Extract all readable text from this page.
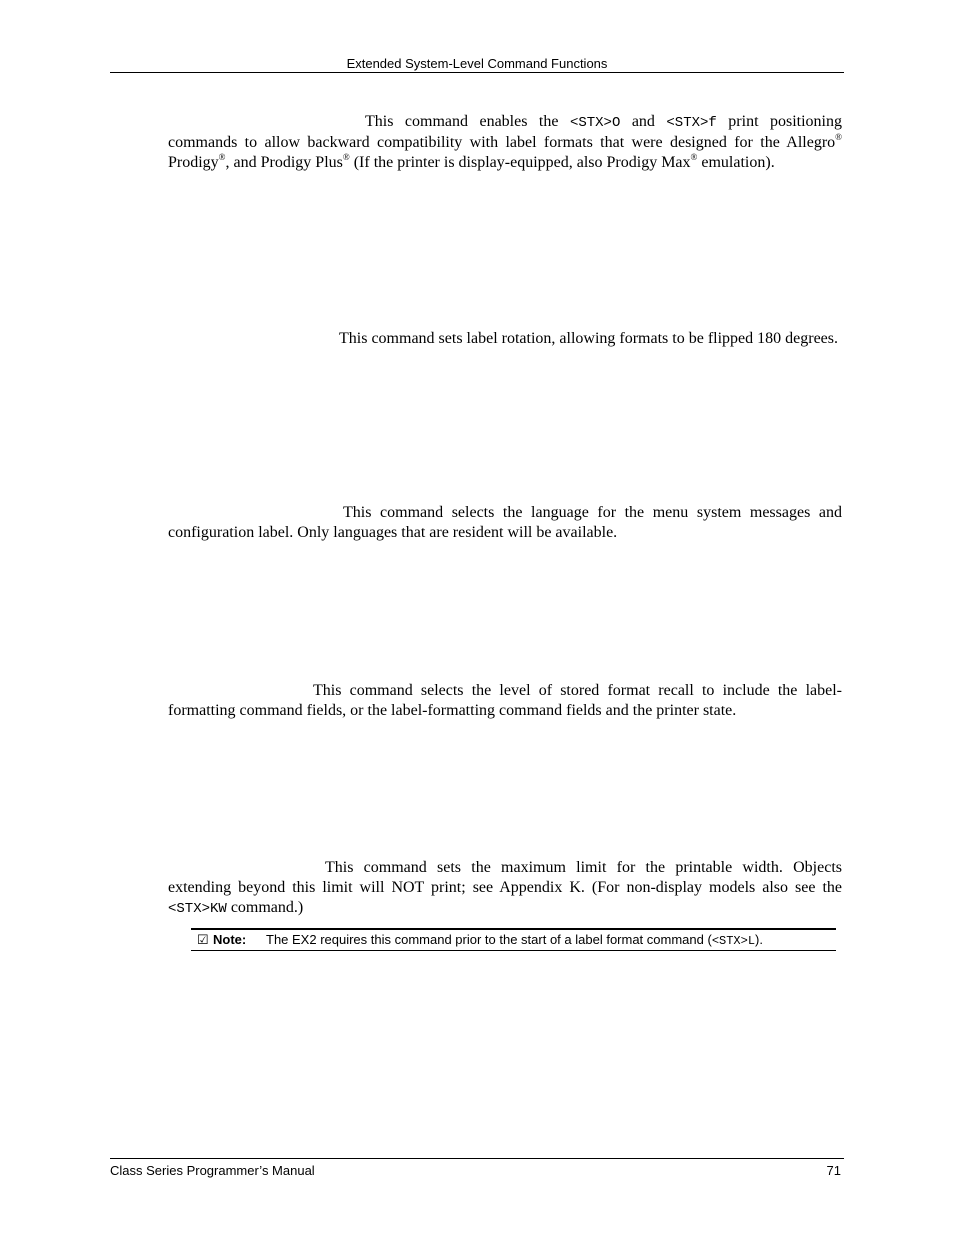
Extended System-Level Command Functions
This command enables the <STX>O and <STX>f print positioning commands to allow backward compatibility with label formats that were designed for the Allegro® Prodigy®, and Prodigy Plus® (If the printer is display-equipped, also Prodigy Max® emulation).
This command sets label rotation, allowing formats to be flipped 180 degrees.
This command selects the language for the menu system messages and configuration label. Only languages that are resident will be available.
This command selects the level of stored format recall to include the label-formatting command fields, or the label-formatting command fields and the printer state.
This command sets the maximum limit for the printable width. Objects extending beyond this limit will NOT print; see Appendix K. (For non-display models also see the <STX>KW command.)
☑ Note: The EX2 requires this command prior to the start of a label format command (<STX>L).
Class Series Programmer’s Manual	71
